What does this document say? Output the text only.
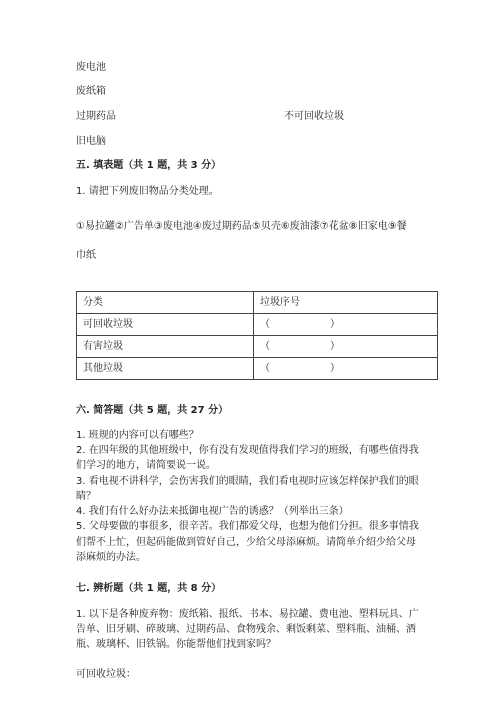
废电池
废纸箱
过期药品	不可回收垃圾
旧电脑
五. 填表题（共 1 题，共 3 分）
1. 请把下列废旧物品分类处理。
①易拉罐②广告单③废电池④废过期药品⑤贝壳⑥废油漆⑦花盆⑧旧家电⑨餐
巾纸
分类	垃圾序号
可回收垃圾	（ ）
有害垃圾	（ ）
其他垃圾	（ ）
六. 简答题（共 5 题，共 27 分）
1. 班规的内容可以有哪些？
2. 在四年级的其他班级中，你有没有发现值得我们学习的班级，有哪些值得我
们学习的地方，请简要说一说。
3. 看电视不讲科学，会伤害我们的眼睛，我们看电视时应该怎样保护我们的眼
睛？
4. 我们有什么好办法来抵御电视广告的诱惑？（列举出三条）
5. 父母要做的事很多，很辛苦。我们都爱父母，也想为他们分担。很多事情我
们帮不上忙，但起码能做到管好自己，少给父母添麻烦。请简单介绍少给父母
添麻烦的办法。
七. 辨析题（共 1 题，共 8 分）
1. 以下是各种废弃物：废纸箱、报纸、书本、易拉罐、费电池、塑料玩具、广
告单、旧牙刷、碎玻璃、过期药品、食物残余、剩饭剩菜、塑料瓶、油桶、酒
瓶、玻璃杯、旧铁锅。你能帮他们找到家吗？
可回收垃圾：
